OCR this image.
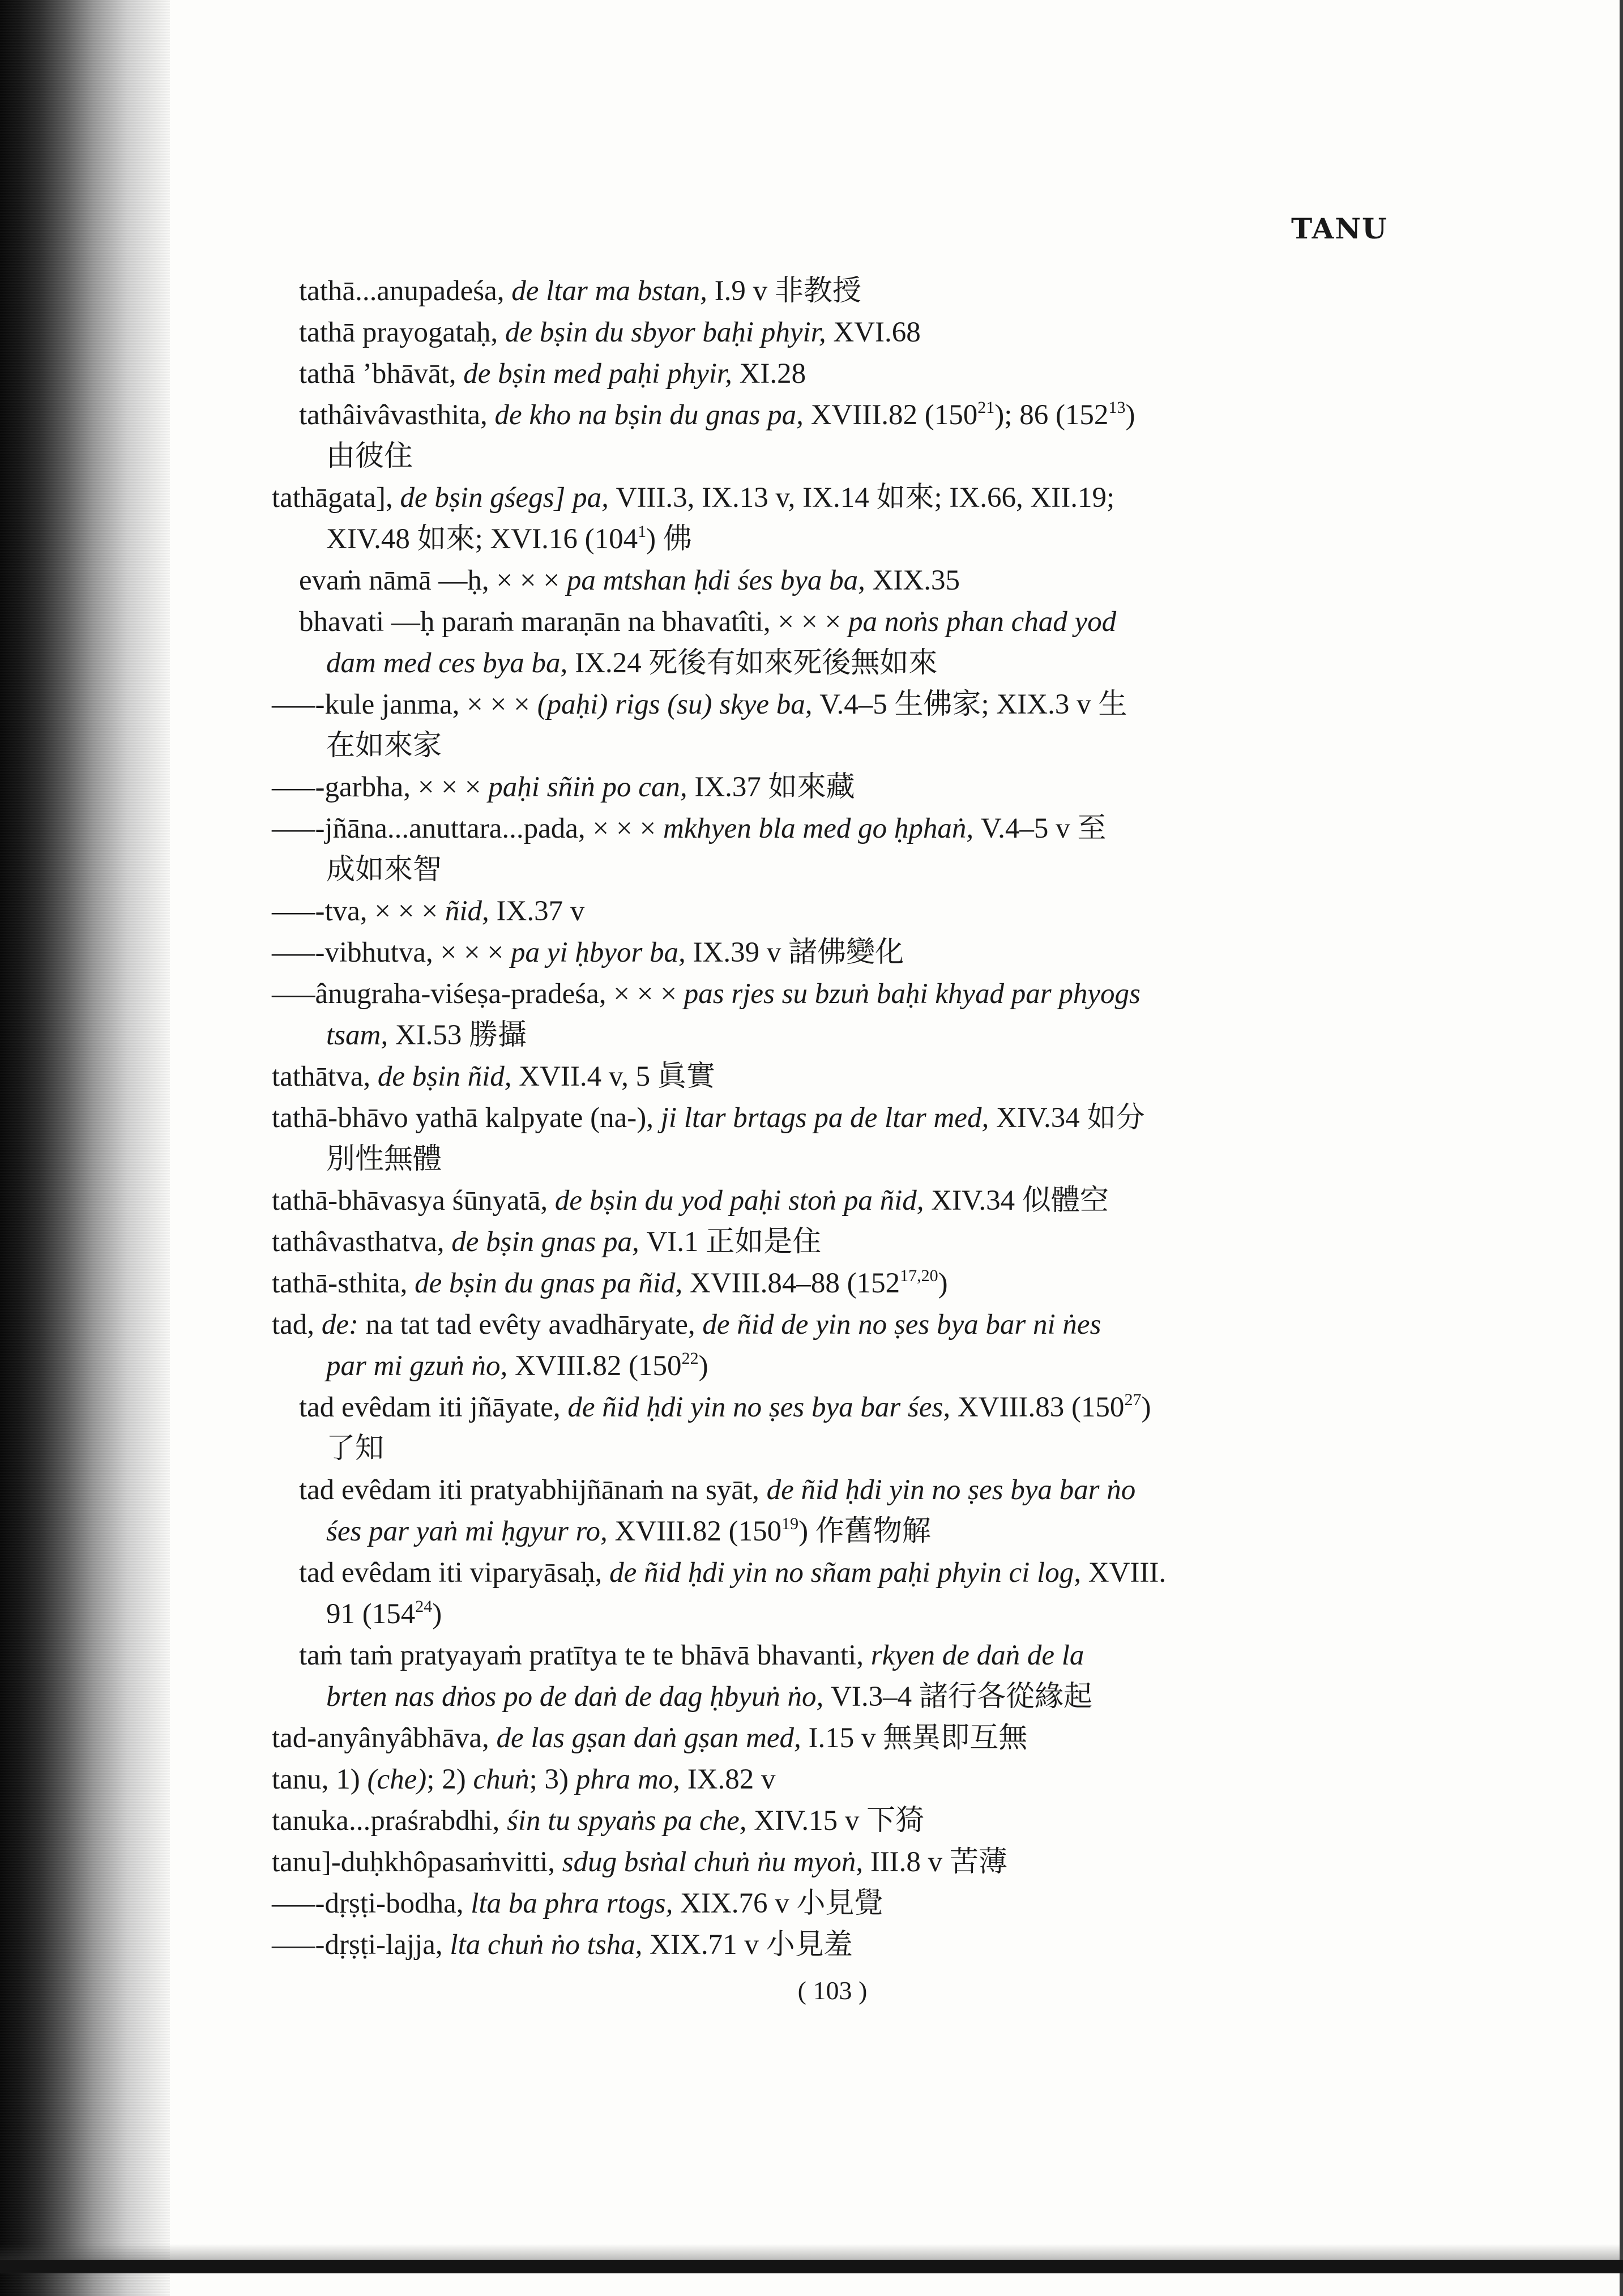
TANU
tathā...anupadeśa, de ltar ma bstan, I.9 v 非教授
tathā prayogataḥ, de bṣin du sbyor baḥi phyir, XVI.68
tathā ’bhāvāt, de bṣin med paḥi phyir, XI.28
tathâivâvasthita, de kho na bṣin du gnas pa, XVIII.82 $(150^{21})$; 86 $(152^{13})$
由彼住
tathāgata], de bṣin gśegs] pa, VIII.3, IX.13 v, IX.14 如來; IX.66, XII.19;
XIV.48 如來; XVI.16 $(104^1)$ 佛
evaṁ nāmā ––ḥ, × × × pa mtshan ḥdi śes bya ba, XIX.35
bhavati ––ḥ paraṁ maraṇān na bhavatîti, × × × pa noṅs phan chad yod
dam med ces bya ba, IX.24 死後有如來死後無如來
–––-kule janma, × × × (paḥi) rigs (su) skye ba, V.4–5 生佛家; XIX.3 v 生
在如來家
–––-garbha, × × × paḥi sñiṅ po can, IX.37 如來藏
–––-jñāna...anuttara...pada, × × × mkhyen bla med go ḥphaṅ, V.4–5 v 至
成如來智
–––-tva, × × × ñid, IX.37 v
–––-vibhutva, × × × pa yi ḥbyor ba, IX.39 v 諸佛變化
–––ânugraha-viśeṣa-pradeśa, × × × pas rjes su bzuṅ baḥi khyad par phyogs
tsam, XI.53 勝攝
tathātva, de bṣin ñid, XVII.4 v, 5 眞實
tathā-bhāvo yathā kalpyate (na-), ji ltar brtags pa de ltar med, XIV.34 如分
別性無體
tathā-bhāvasya śūnyatā, de bṣin du yod paḥi stoṅ pa ñid, XIV.34 似體空
tathâvasthatva, de bṣin gnas pa, VI.1 正如是住
tathā-sthita, de bṣin du gnas pa ñid, XVIII.84–88 (152$^{17,20}$)
tad, de: na tat tad evêty avadhāryate, de ñid de yin no ṣes bya bar ni ṅes
par mi gzuṅ ṅo, XVIII.82 $(150^{22})$
tad evêdam iti jñāyate, de ñid ḥdi yin no ṣes bya bar śes, XVIII.83 $(150^{27})$
了知
tad evêdam iti pratyabhijñānaṁ na syāt, de ñid ḥdi yin no ṣes bya bar ṅo
śes par yaṅ mi ḥgyur ro, XVIII.82 $(150^{19})$ 作舊物解
tad evêdam iti viparyāsaḥ, de ñid ḥdi yin no sñam paḥi phyin ci log, XVIII.
91 $(154^{24})$
taṁ taṁ pratyayaṁ pratītya te te bhāvā bhavanti, rkyen de daṅ de la
brten nas dṅos po de daṅ de dag ḥbyuṅ ṅo, VI.3–4 諸行各從緣起
tad-anyânyâbhāva, de las gṣan daṅ gṣan med, I.15 v 無異即互無
tanu, 1) (che); 2) chuṅ; 3) phra mo, IX.82 v
tanuka...praśrabdhi, śin tu spyaṅs pa che, XIV.15 v 下猗
tanu]-duḥkhôpasaṁvitti, sdug bsṅal chuṅ ṅu myoṅ, III.8 v 苦薄
–––-dṛṣṭi-bodha, lta ba phra rtogs, XIX.76 v 小見覺
–––-dṛṣṭi-lajja, lta chuṅ ṅo tsha, XIX.71 v 小見羞
( 103 )
